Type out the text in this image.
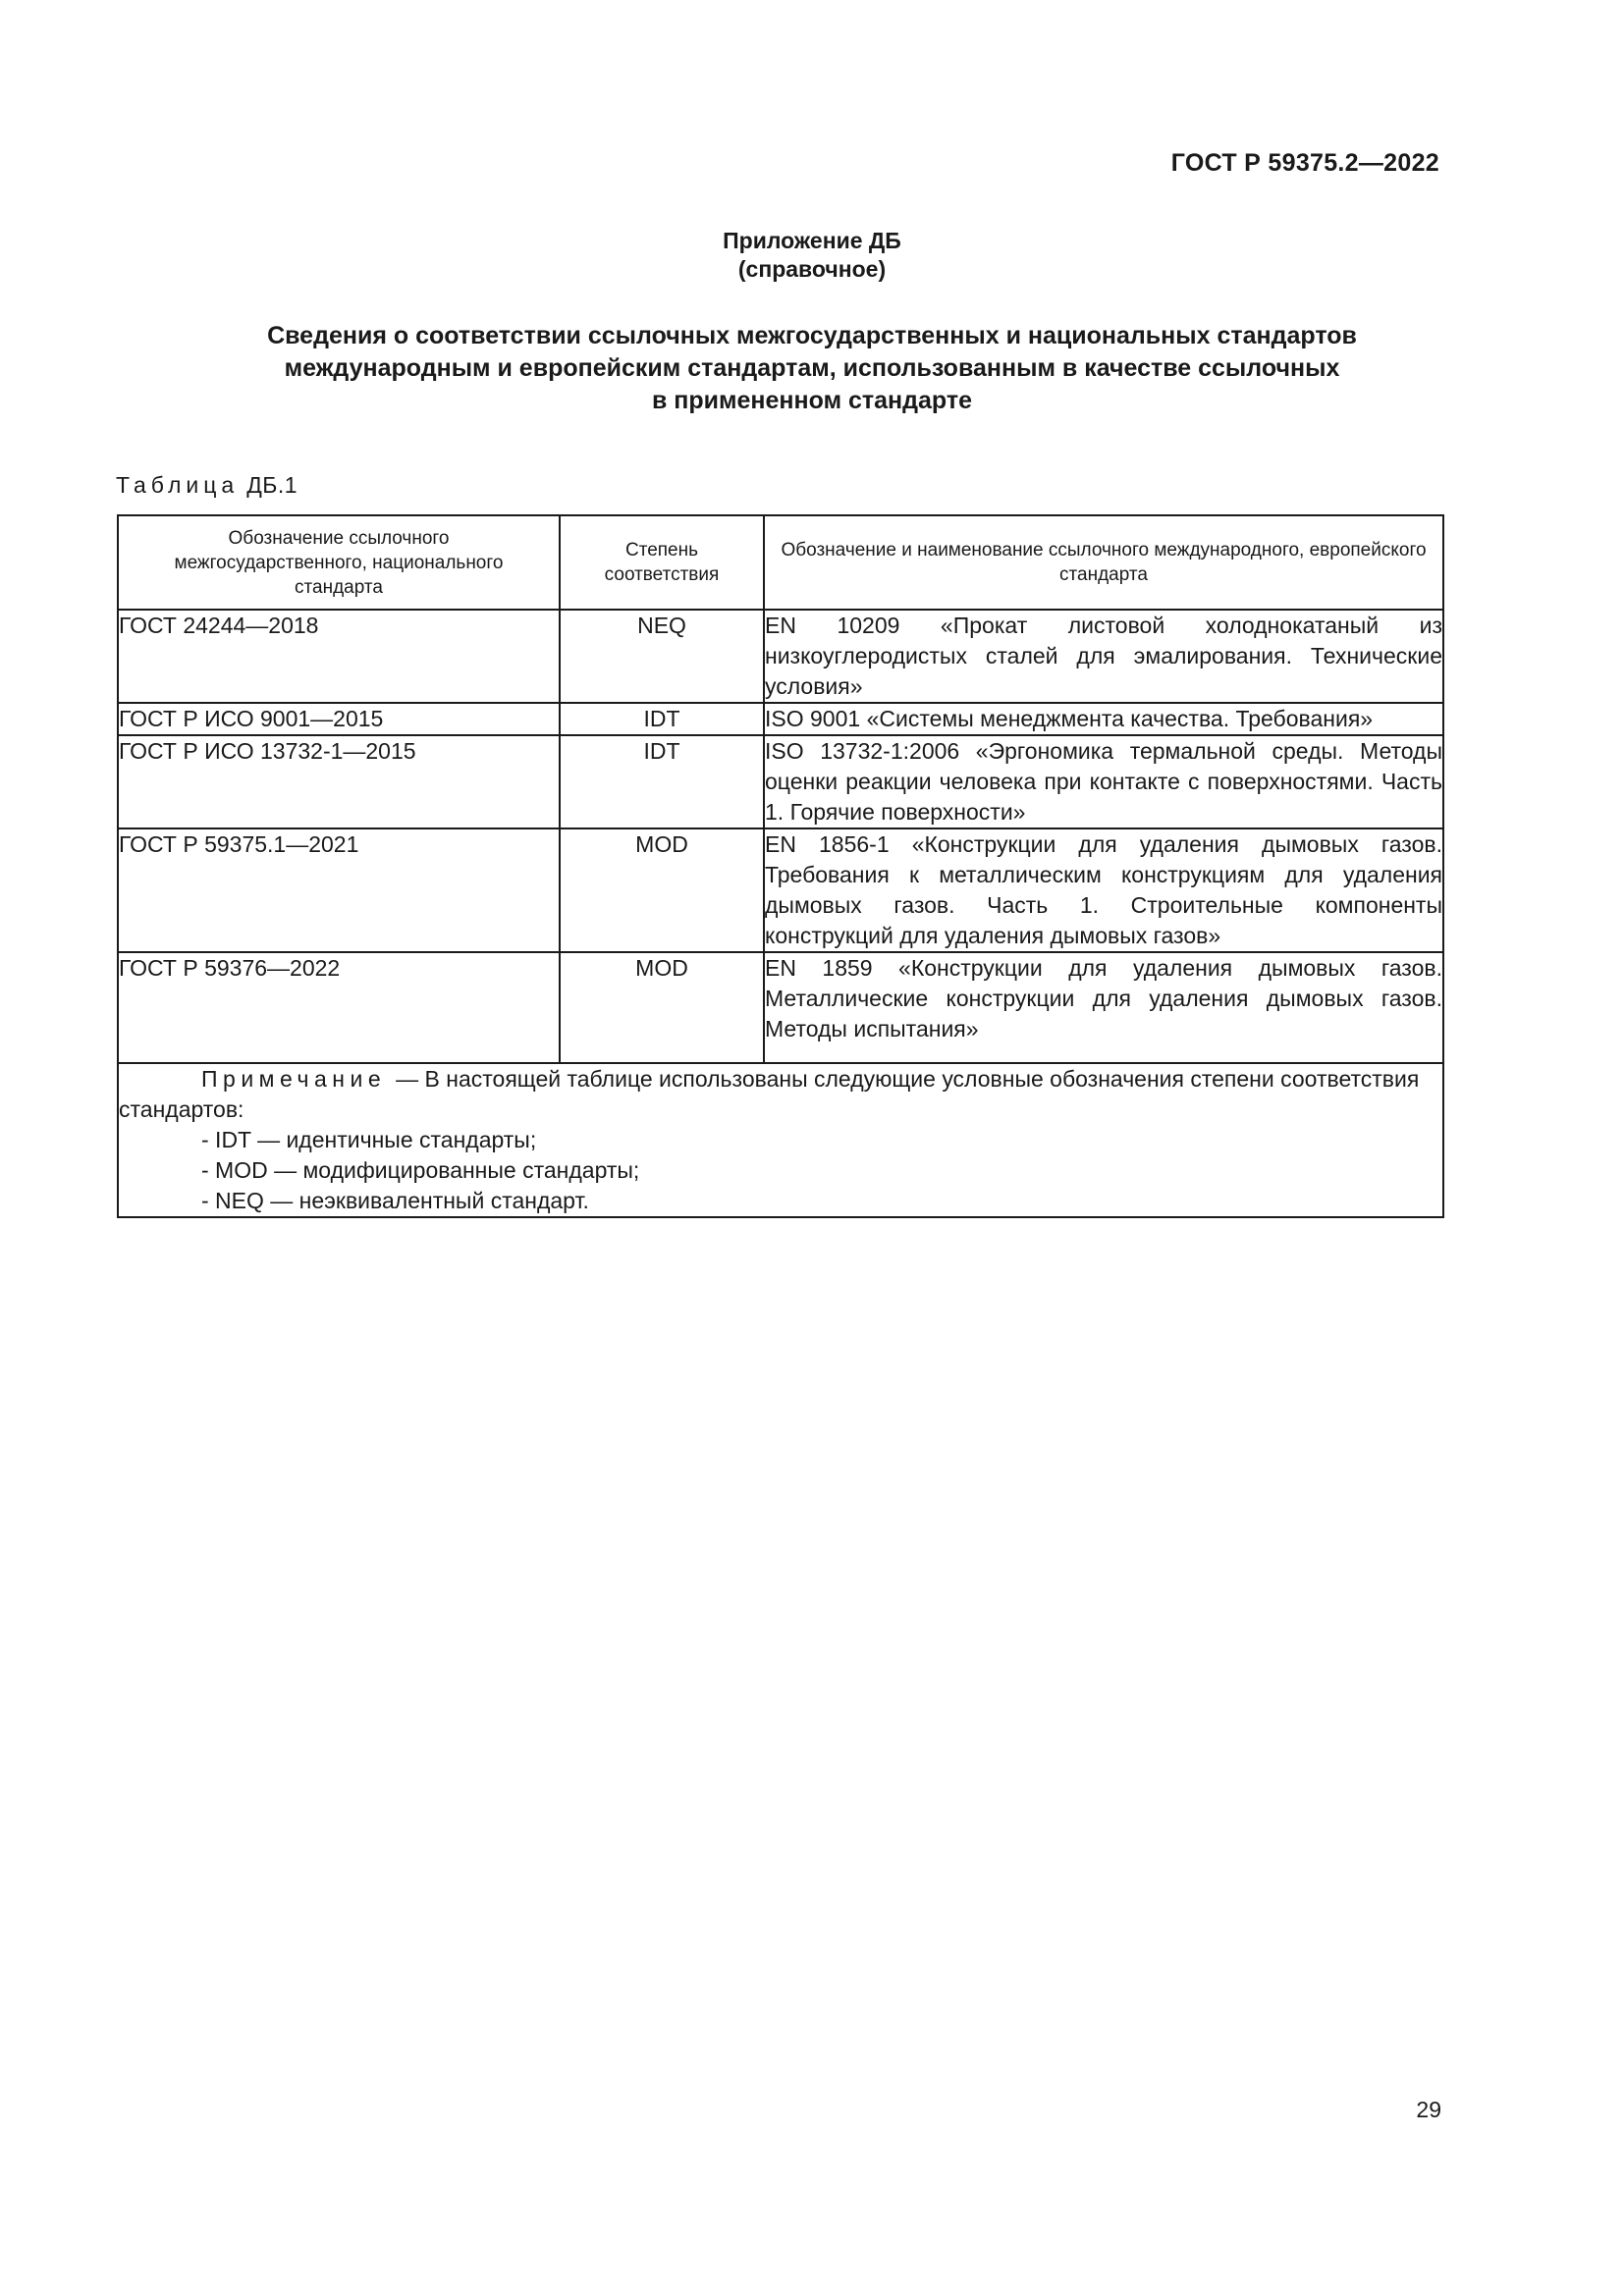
ГОСТ Р 59375.2—2022
Приложение ДБ
(справочное)
Сведения о соответствии ссылочных межгосударственных и национальных стандартов
международным и европейским стандартам, использованным в качестве ссылочных
в примененном стандарте
Таблица ДБ.1
Обозначение ссылочного межгосударственного, национального стандарта	Степень соответствия	Обозначение и наименование ссылочного международного, европейского стандарта

ГОСТ 24244—2018	NEQ	EN 10209 «Прокат листовой холоднокатаный из низкоуглеродистых сталей для эмалирования. Технические условия»
ГОСТ Р ИСО 9001—2015	IDT	ISO 9001 «Системы менеджмента качества. Требования»
ГОСТ Р ИСО 13732-1—2015	IDT	ISO 13732-1:2006 «Эргономика термальной среды. Методы оценки реакции человека при контакте с поверхностями. Часть 1. Горячие поверхности»
ГОСТ Р 59375.1—2021	MOD	EN 1856-1 «Конструкции для удаления дымовых газов. Требования к металлическим конструкциям для удаления дымовых газов. Часть 1. Строительные компоненты конструкций для удаления дымовых газов»
ГОСТ Р 59376—2022	MOD	EN 1859 «Конструкции для удаления дымовых газов. Металлические конструкции для удаления дымовых газов. Методы испытания»

Примечание — В настоящей таблице использованы следующие условные обозначения степени соответствия стандартов:
- IDT — идентичные стандарты;
- MOD — модифицированные стандарты;
- NEQ — неэквивалентный стандарт.		
29
